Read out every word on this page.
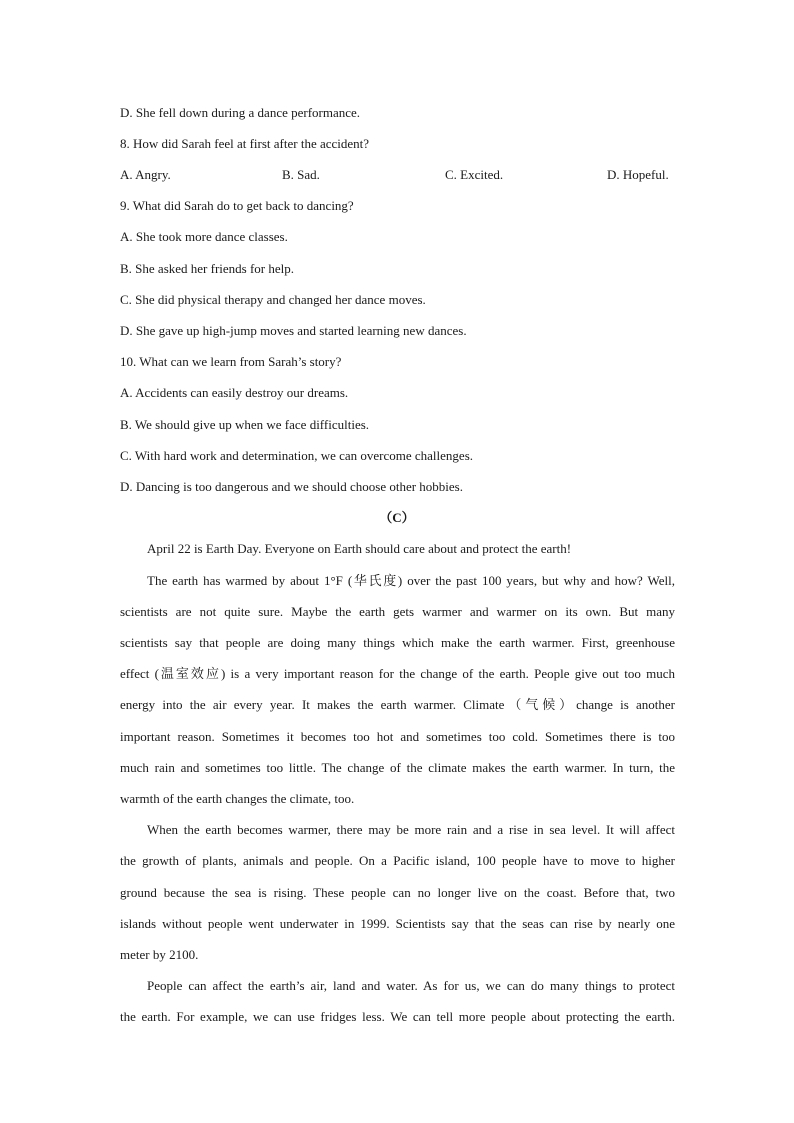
D. She fell down during a dance performance.
8. How did Sarah feel at first after the accident?
A. Angry.	B. Sad.	C. Excited.	D. Hopeful.
9. What did Sarah do to get back to dancing?
A. She took more dance classes.
B. She asked her friends for help.
C. She did physical therapy and changed her dance moves.
D. She gave up high-jump moves and started learning new dances.
10. What can we learn from Sarah’s story?
A. Accidents can easily destroy our dreams.
B. We should give up when we face difficulties.
C. With hard work and determination, we can overcome challenges.
D. Dancing is too dangerous and we should choose other hobbies.
（C）
April 22 is Earth Day. Everyone on Earth should care about and protect the earth!
The earth has warmed by about 1°F (华氏度) over the past 100 years, but why and how? Well,
scientists are not quite sure. Maybe the earth gets warmer and warmer on its own. But many
scientists say that people are doing many things which make the earth warmer. First, greenhouse
effect (温室效应) is a very important reason for the change of the earth. People give out too much
energy into the air every year. It makes the earth warmer. Climate（气候）change is another
important reason. Sometimes it becomes too hot and sometimes too cold. Sometimes there is too
much rain and sometimes too little. The change of the climate makes the earth warmer. In turn, the
warmth of the earth changes the climate, too.
When the earth becomes warmer, there may be more rain and a rise in sea level. It will affect
the growth of plants, animals and people. On a Pacific island, 100 people have to move to higher
ground because the sea is rising. These people can no longer live on the coast. Before that, two
islands without people went underwater in 1999. Scientists say that the seas can rise by nearly one
meter by 2100.
People can affect the earth’s air, land and water. As for us, we can do many things to protect
the earth. For example, we can use fridges less. We can tell more people about protecting the earth.
